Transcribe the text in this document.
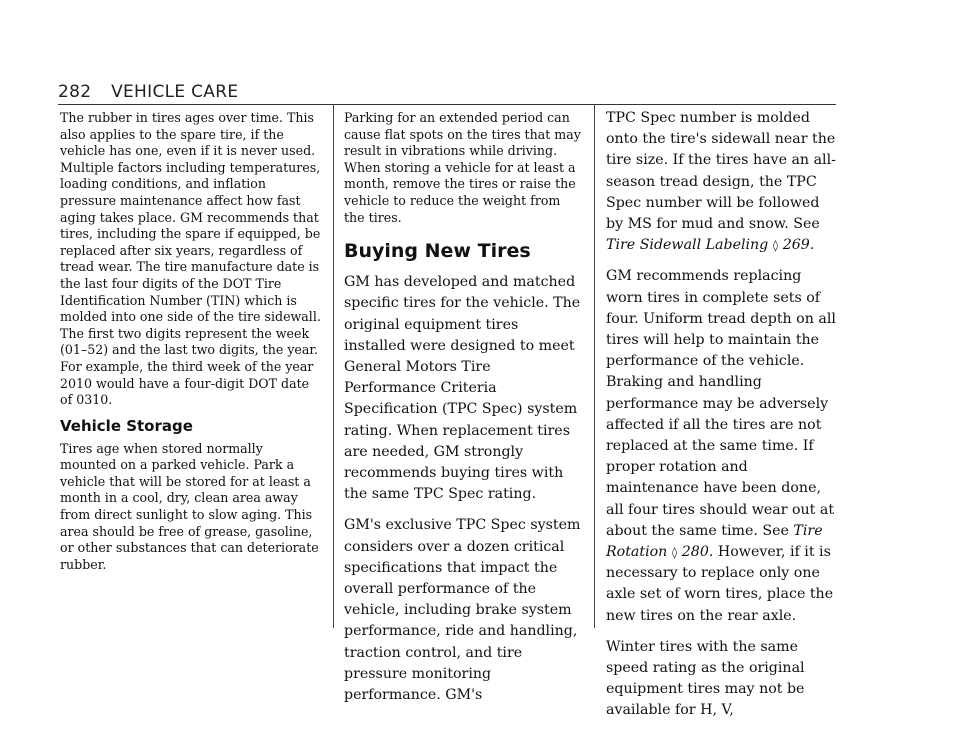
282 VEHICLE CARE

The rubber in tires ages over time. This also applies to the spare tire, if the vehicle has one, even if it is never used. Multiple factors including temperatures, loading conditions, and inflation pressure maintenance affect how fast aging takes place. GM recommends that tires, including the spare if equipped, be replaced after six years, regardless of tread wear. The tire manufacture date is the last four digits of the DOT Tire Identification Number (TIN) which is molded into one side of the tire sidewall. The first two digits represent the week (01–52) and the last two digits, the year. For example, the third week of the year 2010 would have a four-digit DOT date of 0310.

Vehicle Storage

Tires age when stored normally mounted on a parked vehicle. Park a vehicle that will be stored for at least a month in a cool, dry, clean area away from direct sunlight to slow aging. This area should be free of grease, gasoline, or other substances that can deteriorate rubber.

Parking for an extended period can cause flat spots on the tires that may result in vibrations while driving. When storing a vehicle for at least a month, remove the tires or raise the vehicle to reduce the weight from the tires.

Buying New Tires

GM has developed and matched specific tires for the vehicle. The original equipment tires installed were designed to meet General Motors Tire Performance Criteria Specification (TPC Spec) system rating. When replacement tires are needed, GM strongly recommends buying tires with the same TPC Spec rating.

GM's exclusive TPC Spec system considers over a dozen critical specifications that impact the overall performance of the vehicle, including brake system performance, ride and handling, traction control, and tire pressure monitoring performance. GM's

TPC Spec number is molded onto the tire's sidewall near the tire size. If the tires have an all-season tread design, the TPC Spec number will be followed by MS for mud and snow. See Tire Sidewall Labeling ◊ 269.

GM recommends replacing worn tires in complete sets of four. Uniform tread depth on all tires will help to maintain the performance of the vehicle. Braking and handling performance may be adversely affected if all the tires are not replaced at the same time. If proper rotation and maintenance have been done, all four tires should wear out at about the same time. See Tire Rotation ◊ 280. However, if it is necessary to replace only one axle set of worn tires, place the new tires on the rear axle.

Winter tires with the same speed rating as the original equipment tires may not be available for H, V,
